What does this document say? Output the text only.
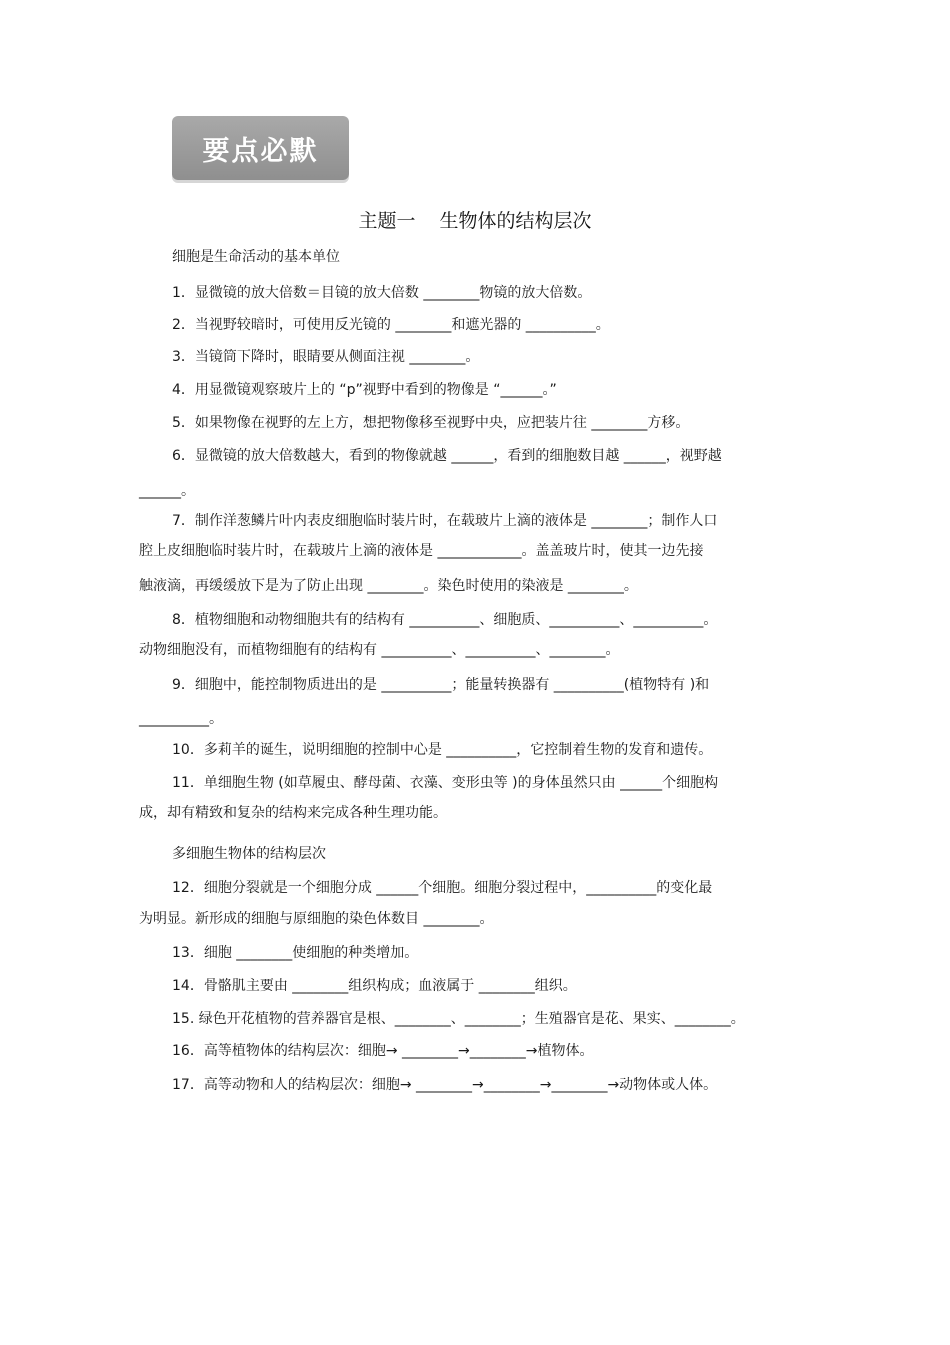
要点必默
主题一 生物体的结构层次
细胞是生命活动的基本单位
1．显微镜的放大倍数＝目镜的放大倍数 ________物镜的放大倍数。
2．当视野较暗时，可使用反光镜的 ________和遮光器的 __________。
3．当镜筒下降时，眼睛要从侧面注视 ________。
4．用显微镜观察玻片上的 “p”视野中看到的物像是 “______。”
5．如果物像在视野的左上方，想把物像移至视野中央，应把装片往 ________方移。
6．显微镜的放大倍数越大，看到的物像就越 ______，看到的细胞数目越 ______，视野越
______。
7．制作洋葱鳞片叶内表皮细胞临时装片时，在载玻片上滴的液体是 ________；制作人口
腔上皮细胞临时装片时，在载玻片上滴的液体是 ____________。盖盖玻片时，使其一边先接
触液滴，再缓缓放下是为了防止出现 ________。染色时使用的染液是 ________。
8．植物细胞和动物细胞共有的结构有 __________、细胞质、__________、__________。
动物细胞没有，而植物细胞有的结构有 __________、__________、________。
9．细胞中，能控制物质进出的是 __________；能量转换器有 __________(植物特有 )和
__________。
10．多莉羊的诞生，说明细胞的控制中心是 __________，它控制着生物的发育和遗传。
11．单细胞生物 (如草履虫、酵母菌、衣藻、变形虫等 )的身体虽然只由 ______个细胞构
成，却有精致和复杂的结构来完成各种生理功能。
多细胞生物体的结构层次
12．细胞分裂就是一个细胞分成 ______个细胞。细胞分裂过程中，__________的变化最
为明显。新形成的细胞与原细胞的染色体数目 ________。
13．细胞 ________使细胞的种类增加。
14．骨骼肌主要由 ________组织构成；血液属于 ________组织。
15. 绿色开花植物的营养器官是根、________、________；生殖器官是花、果实、________。
16．高等植物体的结构层次：细胞→ ________→________→植物体。
17．高等动物和人的结构层次：细胞→ ________→________→________→动物体或人体。
